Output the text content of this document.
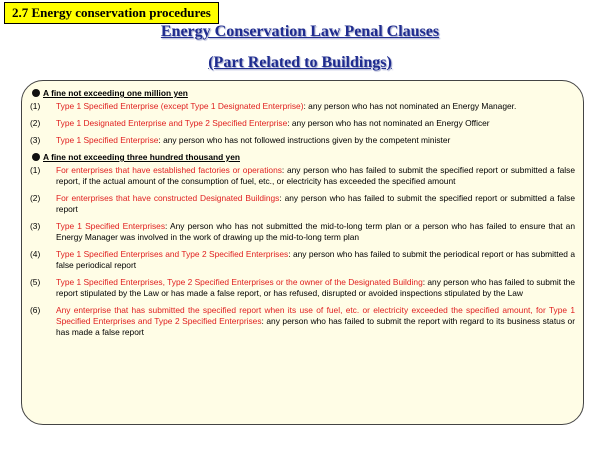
2.7 Energy conservation procedures
Energy Conservation Law Penal Clauses
(Part Related to Buildings)
A fine not exceeding one million yen
(1)	Type 1 Specified Enterprise (except Type 1 Designated Enterprise): any person who has not nominated an Energy Manager.
(2)	Type 1 Designated Enterprise and Type 2 Specified Enterprise: any person who has not nominated an Energy Officer
(3)	Type 1 Specified Enterprise: any person who has not followed instructions given by the competent minister
A fine not exceeding three hundred thousand yen
(1)	For enterprises that have established factories or operations: any person who has failed to submit the specified report or submitted a false report, if the actual amount of the consumption of fuel, etc., or electricity has exceeded the specified amount
(2)	For enterprises that have constructed Designated Buildings: any person who has failed to submit the specified report or submitted a false report
(3)	Type 1 Specified Enterprises: Any person who has not submitted the mid-to-long term plan or a person who has failed to ensure that an Energy Manager was involved in the work of drawing up the mid-to-long term plan
(4)	Type 1 Specified Enterprises and Type 2 Specified Enterprises: any person who has failed to submit the periodical report or has submitted a false periodical report
(5)	Type 1 Specified Enterprises, Type 2 Specified Enterprises or the owner of the Designated Building: any person who has failed to submit the report stipulated by the Law or has made a false report, or has refused, disrupted or avoided inspections stipulated by the Law
(6)	Any enterprise that has submitted the specified report when its use of fuel, etc. or electricity exceeded the specified amount, for Type 1 Specified Enterprises and Type 2 Specified Enterprises: any person who has failed to submit the report with regard to its business status or has made a false report
